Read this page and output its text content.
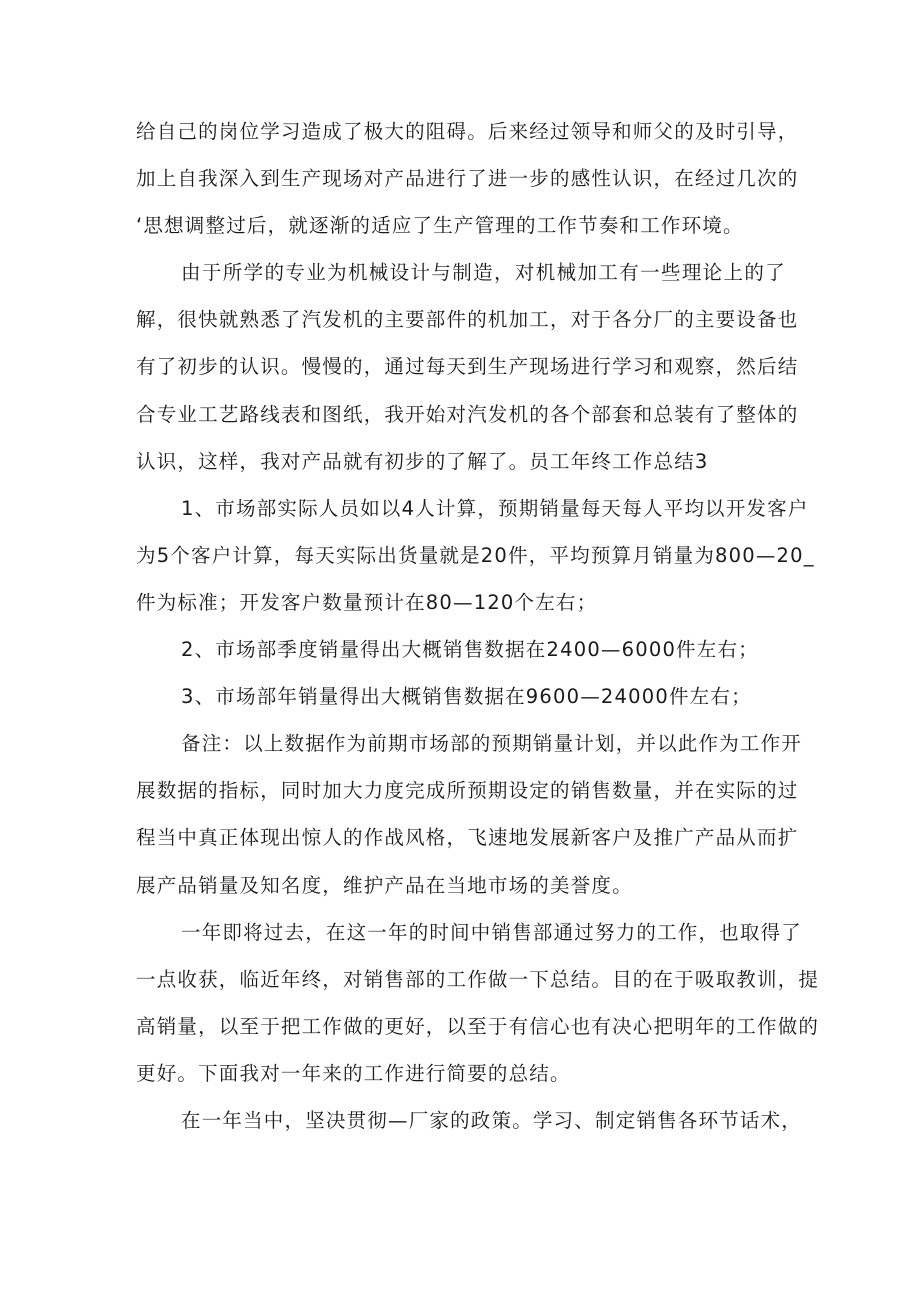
给自己的岗位学习造成了极大的阻碍。后来经过领导和师父的及时引导，
加上自我深入到生产现场对产品进行了进一步的感性认识，在经过几次的
‘思想调整过后，就逐渐的适应了生产管理的工作节奏和工作环境。

由于所学的专业为机械设计与制造，对机械加工有一些理论上的了
解，很快就熟悉了汽发机的主要部件的机加工，对于各分厂的主要设备也
有了初步的认识。慢慢的，通过每天到生产现场进行学习和观察，然后结
合专业工艺路线表和图纸，我开始对汽发机的各个部套和总装有了整体的
认识，这样，我对产品就有初步的了解了。员工年终工作总结3

1、市场部实际人员如以4人计算，预期销量每天每人平均以开发客户
为5个客户计算，每天实际出货量就是20件，平均预算月销量为800—20_
件为标准；开发客户数量预计在80—120个左右；

2、市场部季度销量得出大概销售数据在2400—6000件左右；

3、市场部年销量得出大概销售数据在9600—24000件左右；

备注：以上数据作为前期市场部的预期销量计划，并以此作为工作开
展数据的指标，同时加大力度完成所预期设定的销售数量，并在实际的过
程当中真正体现出惊人的作战风格，飞速地发展新客户及推广产品从而扩
展产品销量及知名度，维护产品在当地市场的美誉度。

一年即将过去，在这一年的时间中销售部通过努力的工作，也取得了
一点收获，临近年终，对销售部的工作做一下总结。目的在于吸取教训，提
高销量，以至于把工作做的更好，以至于有信心也有决心把明年的工作做的
更好。下面我对一年来的工作进行简要的总结。

在一年当中，坚决贯彻—厂家的政策。学习、制定销售各环节话术，
